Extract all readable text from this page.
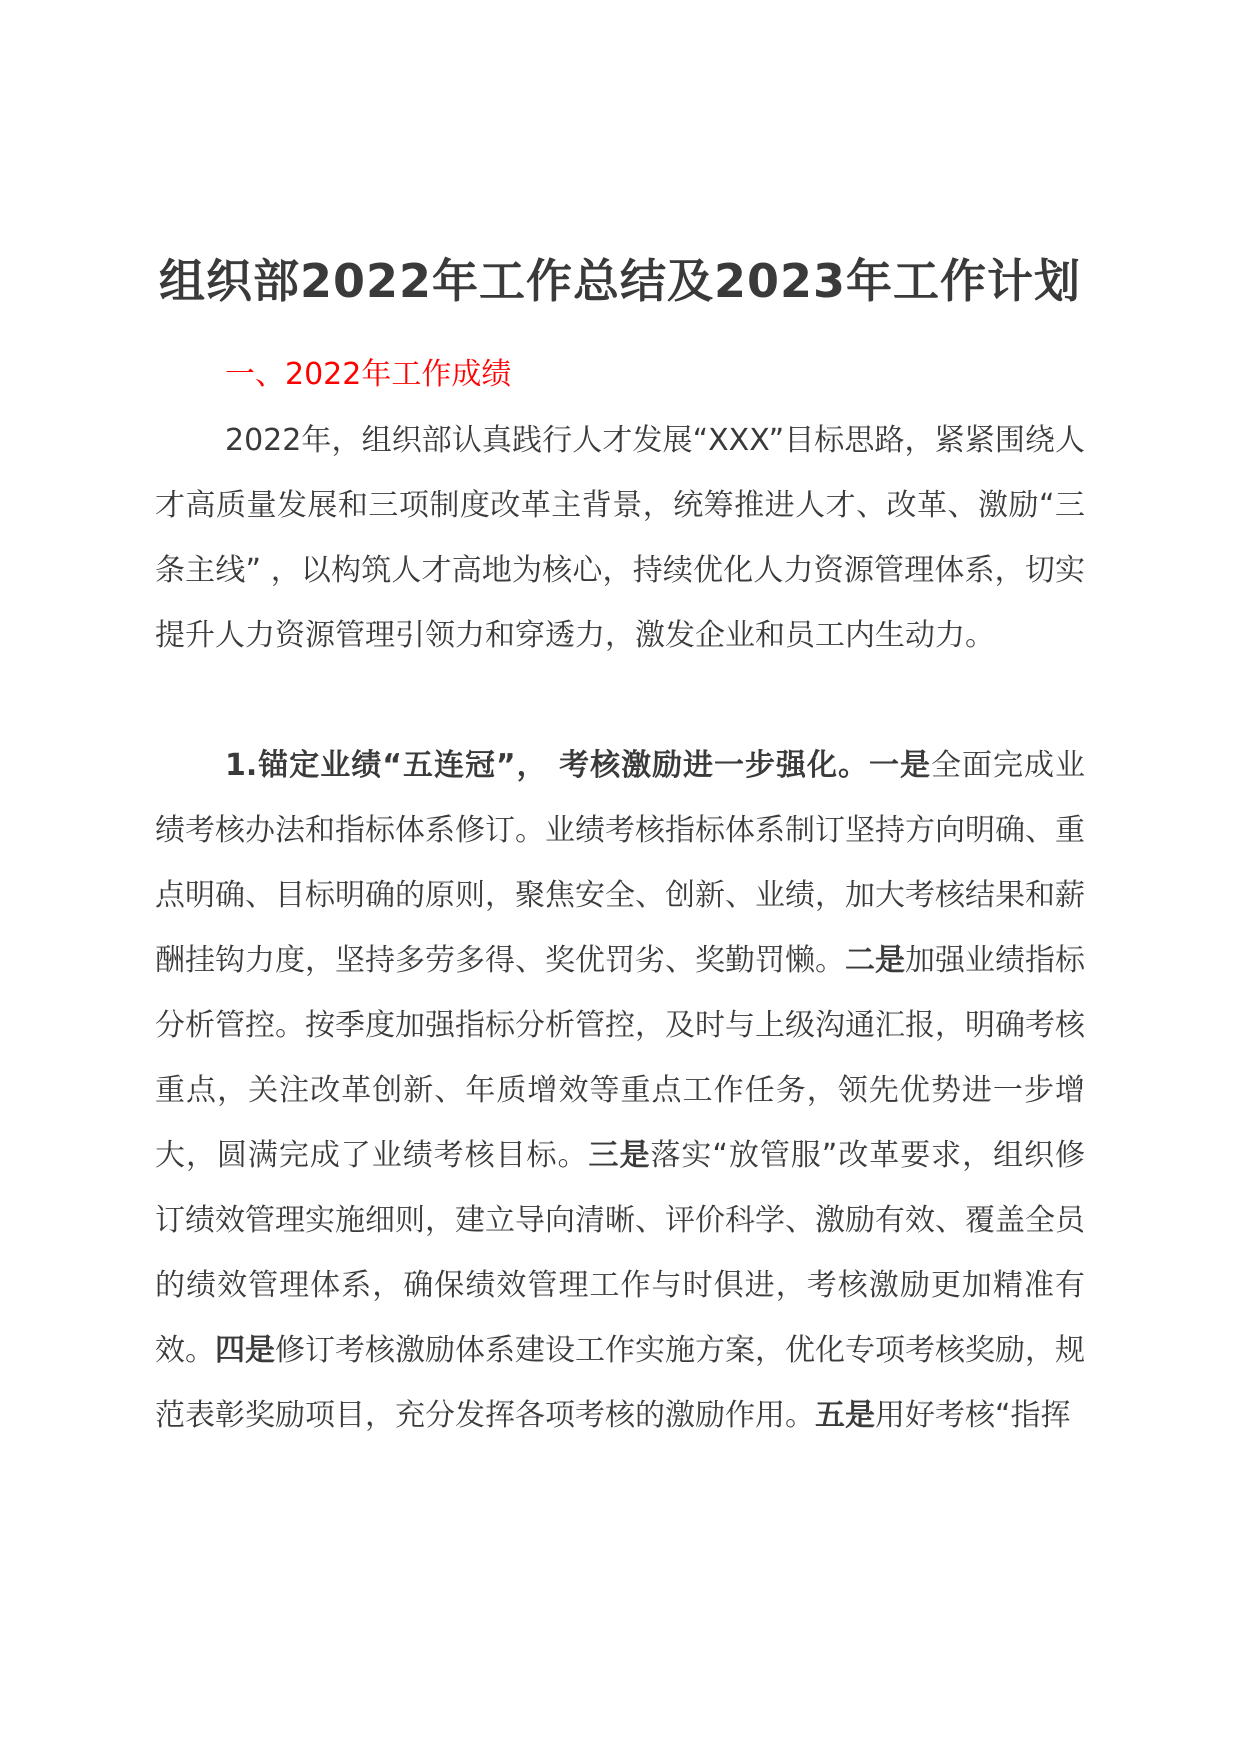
组织部2022年工作总结及2023年工作计划
一、2022年工作成绩

2022年，组织部认真践行人才发展“XXX”目标思路，紧紧围绕人才高质量发展和三项制度改革主背景，统筹推进人才、改革、激励“三条主线” ，以构筑人才高地为核心，持续优化人力资源管理体系，切实提升人力资源管理引领力和穿透力，激发企业和员工内生动力。

1.锚定业绩“五连冠”， 考核激励进一步强化。一是全面完成业绩考核办法和指标体系修订。业绩考核指标体系制订坚持方向明确、重点明确、目标明确的原则，聚焦安全、创新、业绩，加大考核结果和薪酬挂钩力度，坚持多劳多得、奖优罚劣、奖勤罚懒。二是加强业绩指标分析管控。按季度加强指标分析管控，及时与上级沟通汇报，明确考核重点，关注改革创新、年质增效等重点工作任务，领先优势进一步增大，圆满完成了业绩考核目标。三是落实“放管服”改革要求，组织修订绩效管理实施细则，建立导向清晰、评价科学、激励有效、覆盖全员的绩效管理体系，确保绩效管理工作与时俱进，考核激励更加精准有效。四是修订考核激励体系建设工作实施方案，优化专项考核奖励，规范表彰奖励项目，充分发挥各项考核的激励作用。五是用好考核“指挥
